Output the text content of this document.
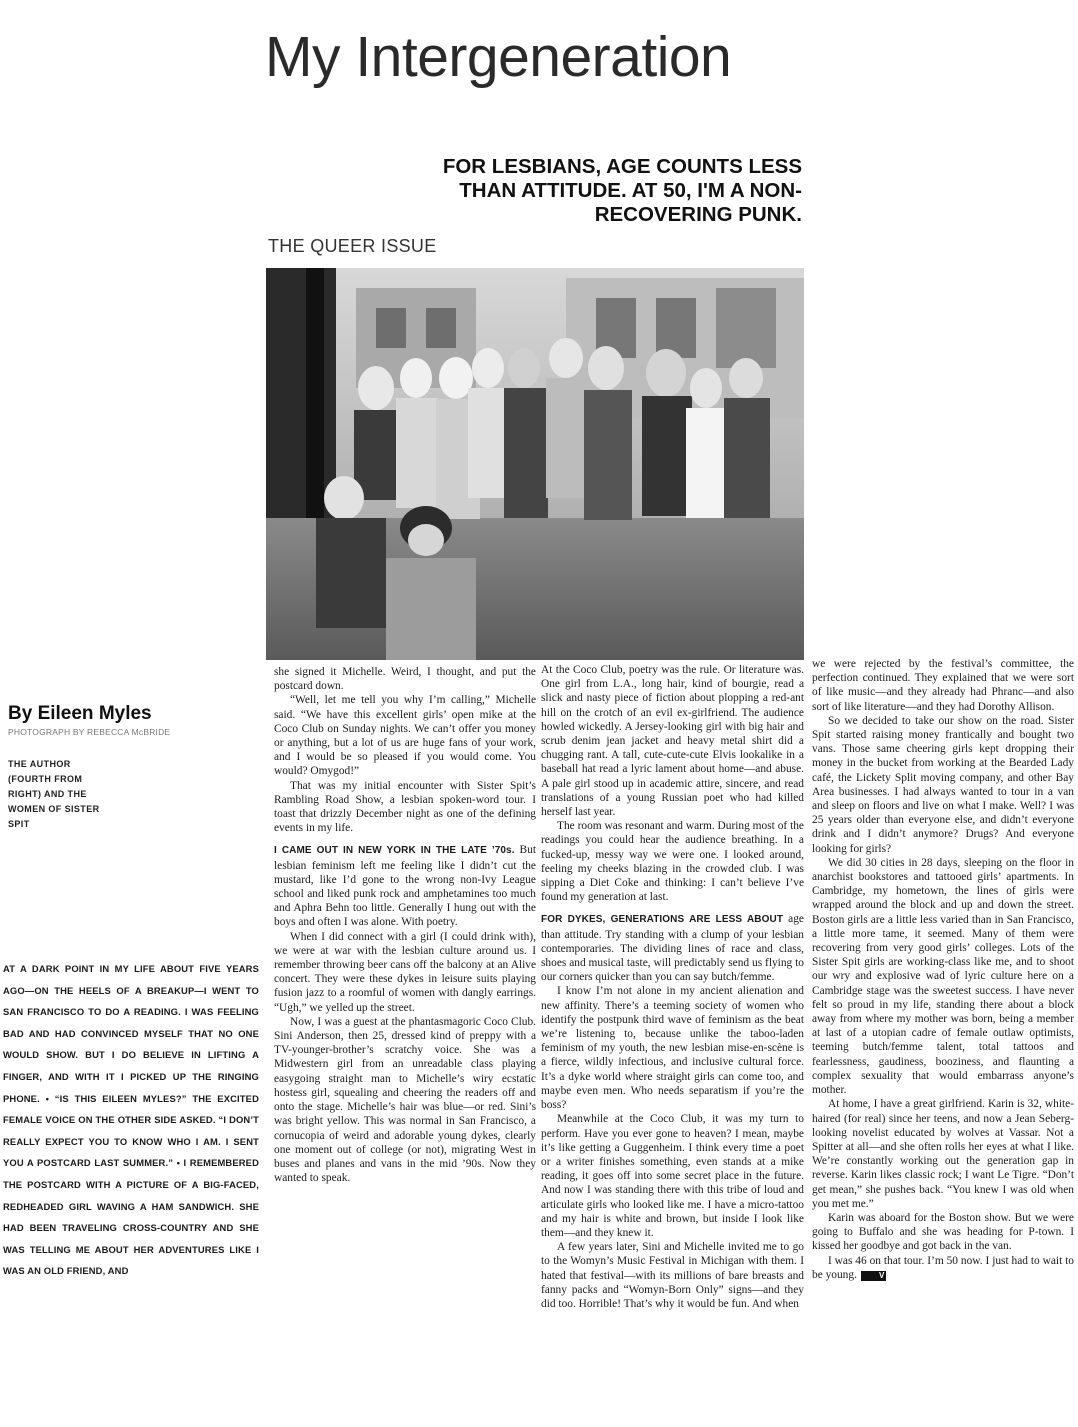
My Intergeneration
FOR LESBIANS, AGE COUNTS LESS THAN ATTITUDE. AT 50, I'M A NON-RECOVERING PUNK.
THE QUEER ISSUE
By Eileen Myles
PHOTOGRAPH BY REBECCA McBRIDE
THE AUTHOR (FOURTH FROM RIGHT) AND THE WOMEN OF SISTER SPIT
AT A DARK POINT IN MY LIFE ABOUT FIVE YEARS AGO—ON THE HEELS OF A BREAKUP—I WENT TO SAN FRANCISCO TO DO A READING. I WAS FEELING BAD AND HAD CONVINCED MYSELF THAT NO ONE WOULD SHOW. BUT I DO BELIEVE IN LIFTING A FINGER, AND WITH IT I PICKED UP THE RINGING PHONE. • “IS THIS EILEEN MYLES?” THE EXCITED FEMALE VOICE ON THE OTHER SIDE ASKED. “I DON’T REALLY EXPECT YOU TO KNOW WHO I AM. I SENT YOU A POSTCARD LAST SUMMER.” • I REMEMBERED THE POSTCARD WITH A PICTURE OF A BIG-FACED, REDHEADED GIRL WAVING A HAM SANDWICH. SHE HAD BEEN TRAVELING CROSS-COUNTRY AND SHE WAS TELLING ME ABOUT HER ADVENTURES LIKE I WAS AN OLD FRIEND, AND

she signed it Michelle. Weird, I thought, and put the postcard down.

“Well, let me tell you why I’m calling,” Michelle said. “We have this excellent girls’ open mike at the Coco Club on Sunday nights. We can’t offer you money or anything, but a lot of us are huge fans of your work, and I would be so pleased if you would come. You would? Omygod!”

That was my initial encounter with Sister Spit’s Rambling Road Show, a lesbian spoken-word tour. I toast that drizzly December night as one of the defining events in my life.

I CAME OUT IN NEW YORK IN THE LATE ’70s. But lesbian feminism left me feeling like I didn’t cut the mustard, like I’d gone to the wrong non-Ivy League school and liked punk rock and amphetamines too much and Aphra Behn too little. Generally I hung out with the boys and often I was alone. With poetry.

When I did connect with a girl (I could drink with), we were at war with the lesbian culture around us. I remember throwing beer cans off the balcony at an Alive concert. They were these dykes in leisure suits playing fusion jazz to a roomful of women with dangly earrings. “Ugh,” we yelled up the street.

Now, I was a guest at the phantasmagoric Coco Club. Sini Anderson, then 25, dressed kind of preppy with a TV-younger-brother’s scratchy voice. She was a Midwestern girl from an unreadable class playing easygoing straight man to Michelle’s wiry ecstatic hostess girl, squealing and cheering the readers off and onto the stage. Michelle’s hair was blue—or red. Sini’s was bright yellow. This was normal in San Francisco, a cornucopia of weird and adorable young dykes, clearly one moment out of college (or not), migrating West in buses and planes and vans in the mid ’90s. Now they wanted to speak.

At the Coco Club, poetry was the rule. Or literature was. One girl from L.A., long hair, kind of bourgie, read a slick and nasty piece of fiction about plopping a red-ant hill on the crotch of an evil ex-girlfriend. The audience howled wickedly. A Jersey-looking girl with big hair and scrub denim jean jacket and heavy metal shirt did a chugging rant. A tall, cute-cute-cute Elvis lookalike in a baseball hat read a lyric lament about home—and abuse. A pale girl stood up in academic attire, sincere, and read translations of a young Russian poet who had killed herself last year.

The room was resonant and warm. During most of the readings you could hear the audience breathing. In a fucked-up, messy way we were one. I looked around, feeling my cheeks blazing in the crowded club. I was sipping a Diet Coke and thinking: I can’t believe I’ve found my generation at last.

FOR DYKES, GENERATIONS ARE LESS ABOUT age than attitude. Try standing with a clump of your lesbian contemporaries. The dividing lines of race and class, shoes and musical taste, will predictably send us flying to our corners quicker than you can say butch/femme.

I know I’m not alone in my ancient alienation and new affinity. There’s a teeming society of women who identify the postpunk third wave of feminism as the beat we’re listening to, because unlike the taboo-laden feminism of my youth, the new lesbian mise-en-scène is a fierce, wildly infectious, and inclusive cultural force. It’s a dyke world where straight girls can come too, and maybe even men. Who needs separatism if you’re the boss?

Meanwhile at the Coco Club, it was my turn to perform. Have you ever gone to heaven? I mean, maybe it’s like getting a Guggenheim. I think every time a poet or a writer finishes something, even stands at a mike reading, it goes off into some secret place in the future. And now I was standing there with this tribe of loud and articulate girls who looked like me. I have a micro-tattoo and my hair is white and brown, but inside I look like them—and they knew it.

A few years later, Sini and Michelle invited me to go to the Womyn’s Music Festival in Michigan with them. I hated that festival—with its millions of bare breasts and fanny packs and “Womyn-Born Only” signs—and they did too. Horrible! That’s why it would be fun. And when

we were rejected by the festival’s committee, the perfection continued. They explained that we were sort of like music—and they already had Phranc—and also sort of like literature—and they had Dorothy Allison.

So we decided to take our show on the road. Sister Spit started raising money frantically and bought two vans. Those same cheering girls kept dropping their money in the bucket from working at the Bearded Lady café, the Lickety Split moving company, and other Bay Area businesses. I had always wanted to tour in a van and sleep on floors and live on what I make. Well? I was 25 years older than everyone else, and didn’t everyone drink and I didn’t anymore? Drugs? And everyone looking for girls?

We did 30 cities in 28 days, sleeping on the floor in anarchist bookstores and tattooed girls’ apartments. In Cambridge, my hometown, the lines of girls were wrapped around the block and up and down the street. Boston girls are a little less varied than in San Francisco, a little more tame, it seemed. Many of them were recovering from very good girls’ colleges. Lots of the Sister Spit girls are working-class like me, and to shoot our wry and explosive wad of lyric culture here on a Cambridge stage was the sweetest success. I have never felt so proud in my life, standing there about a block away from where my mother was born, being a member at last of a utopian cadre of female outlaw optimists, teeming butch/femme talent, total tattoos and fearlessness, gaudiness, booziness, and flaunting a complex sexuality that would embarrass anyone’s mother.

At home, I have a great girlfriend. Karin is 32, white-haired (for real) since her teens, and now a Jean Seberg-looking novelist educated by wolves at Vassar. Not a Spitter at all—and she often rolls her eyes at what I like. We’re constantly working out the generation gap in reverse. Karin likes classic rock; I want Le Tigre. “Don’t get mean,” she pushes back. “You knew I was old when you met me.”

Karin was aboard for the Boston show. But we were going to Buffalo and she was heading for P-town. I kissed her goodbye and got back in the van.

I was 46 on that tour. I’m 50 now. I just had to wait to be young.	V
